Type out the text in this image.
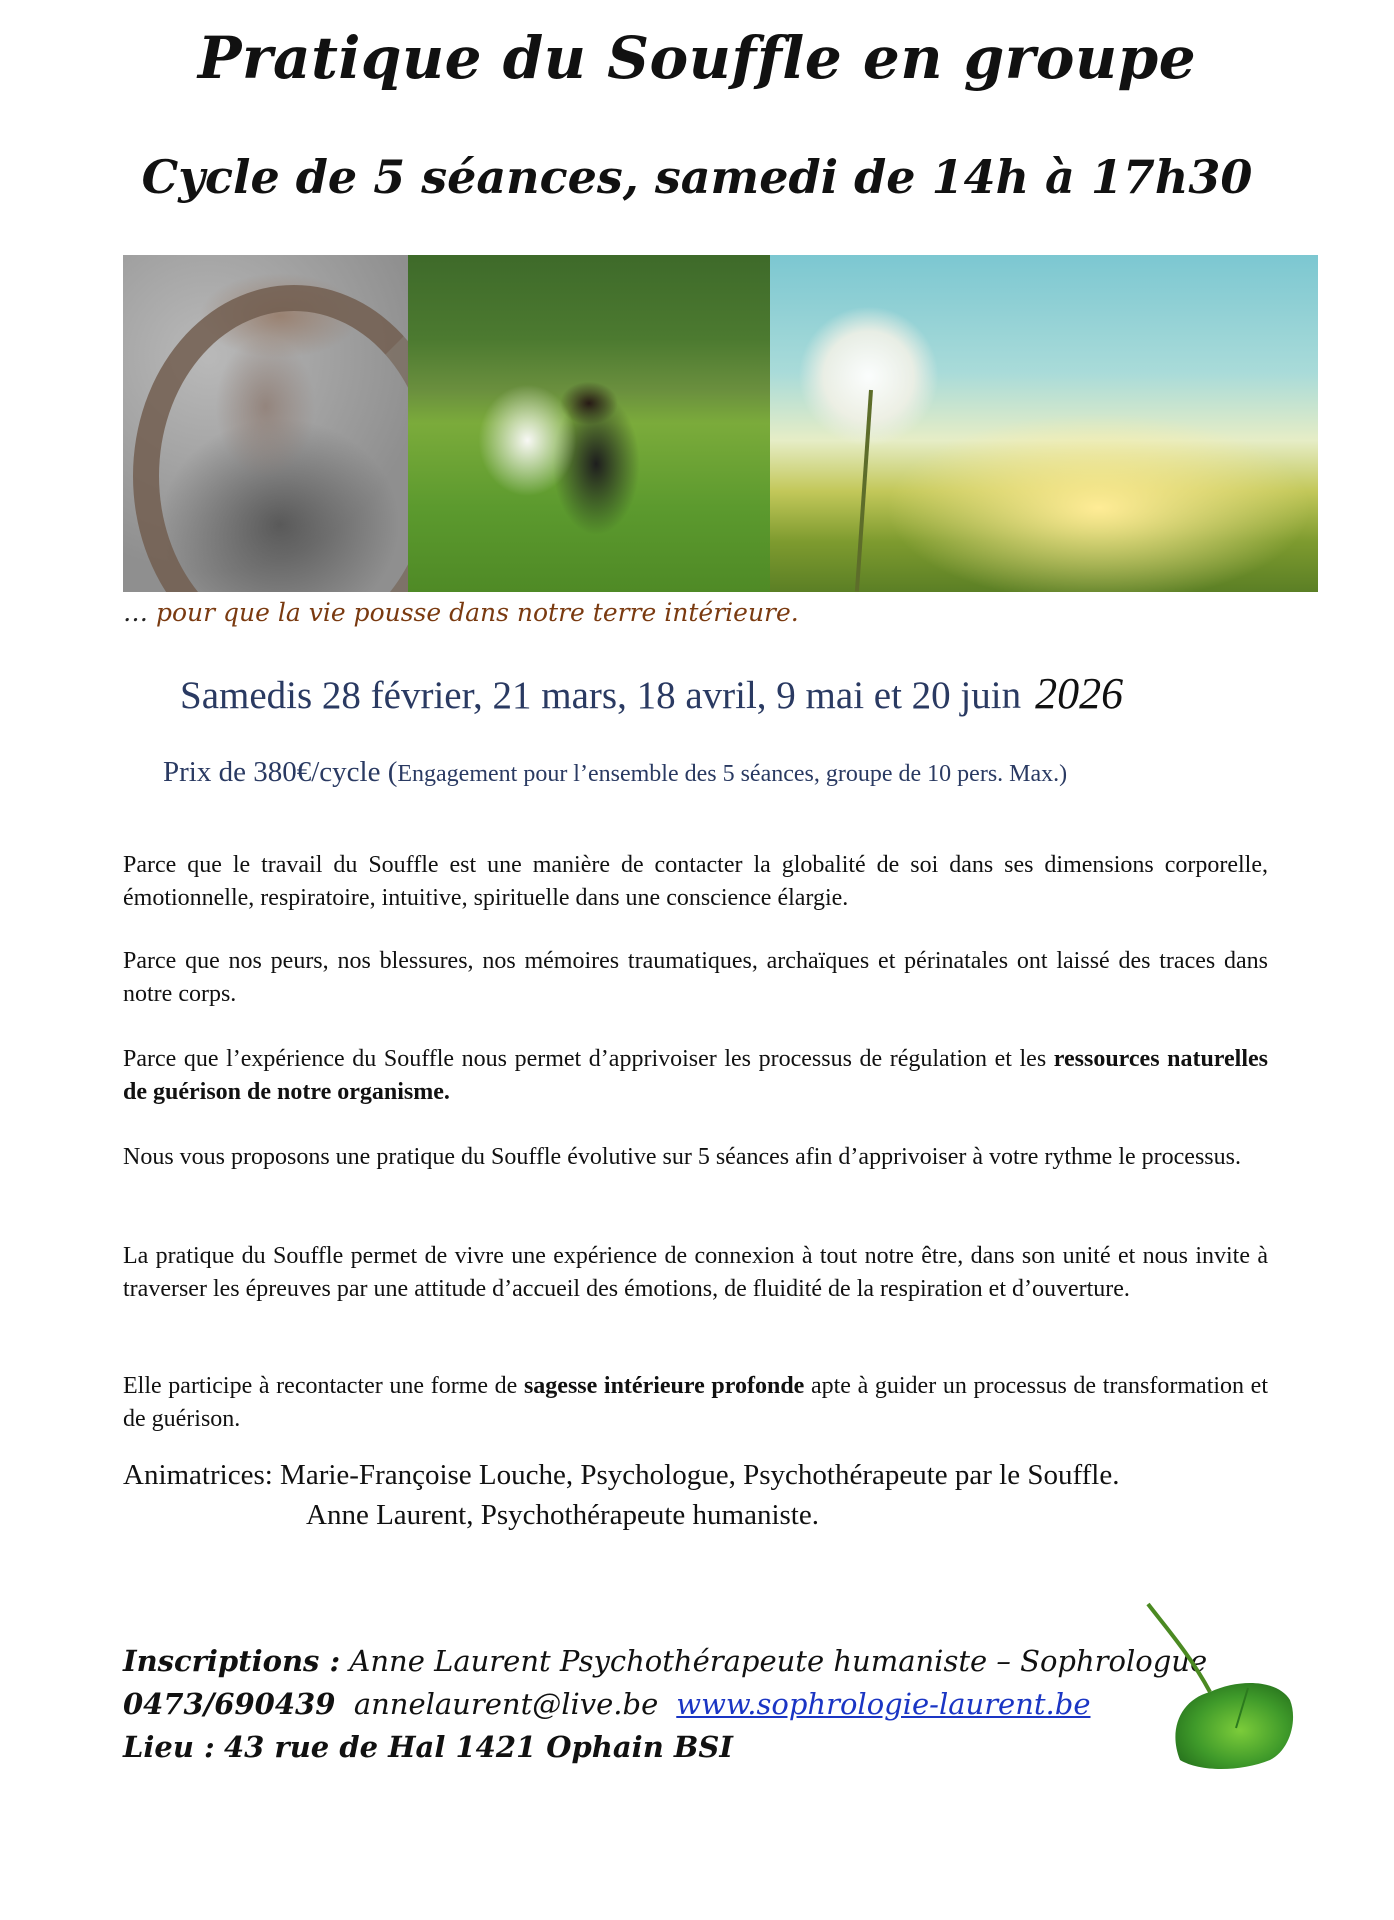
Pratique du Souffle en groupe
Cycle de 5 séances, samedi de 14h à 17h30
… pour que la vie pousse dans notre terre intérieure.
Samedis 28 février, 21 mars, 18 avril, 9 mai et 20 juin 2026
Prix de 380€/cycle (Engagement pour l’ensemble des 5 séances, groupe de 10 pers. Max.)

Parce que le travail du Souffle est une manière de contacter la globalité de soi dans ses dimensions corporelle, émotionnelle, respiratoire, intuitive, spirituelle dans une conscience élargie.

Parce que nos peurs, nos blessures, nos mémoires traumatiques, archaïques et périnatales ont laissé des traces dans notre corps.

Parce que l’expérience du Souffle nous permet d’apprivoiser les processus de régulation et les ressources naturelles de guérison de notre organisme.

Nous vous proposons une pratique du Souffle évolutive sur 5 séances afin d’apprivoiser à votre rythme le processus.

La pratique du Souffle permet de vivre une expérience de connexion à tout notre être, dans son unité et nous invite à traverser les épreuves par une attitude d’accueil des émotions, de fluidité de la respiration et d’ouverture.

Elle participe à recontacter une forme de sagesse intérieure profonde apte à guider un processus de transformation et de guérison.

Animatrices: Marie-Françoise Louche, Psychologue, Psychothérapeute par le Souffle.
Anne Laurent, Psychothérapeute humaniste.
Inscriptions : Anne Laurent Psychothérapeute humaniste – Sophrologue
0473/690439 annelaurent@live.be www.sophrologie-laurent.be
Lieu : 43 rue de Hal 1421 Ophain BSI
